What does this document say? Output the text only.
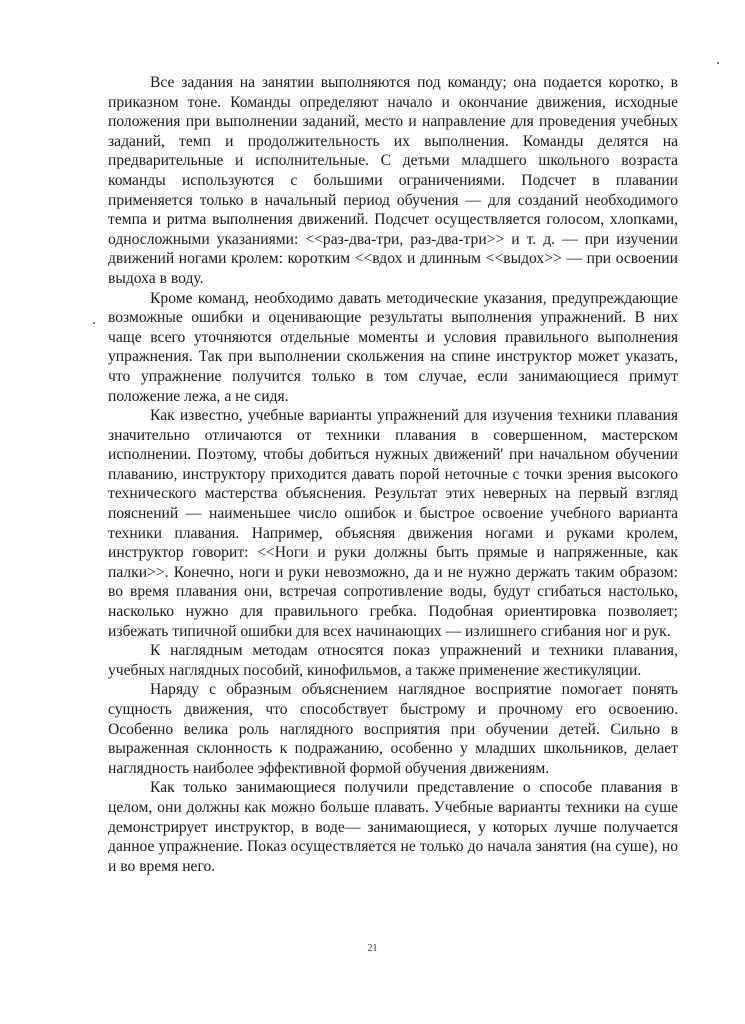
Все задания на занятии выполняются под команду; она подается коротко, в приказном тоне. Команды определяют начало и окончание движения, исходные положения при выполнении заданий, место и направление для проведения учебных заданий, темп и продолжительность их выполнения. Команды делятся на предварительные и исполнительные. С детьми младшего школьного возраста команды используются с большими ограничениями. Подсчет в плавании применяется только в начальный период обучения — для созданий необходимого темпа и ритма выполнения движений. Подсчет осуществляется голосом, хлопками, односложными указаниями: <<раз-два-три, раз-два-три>> и т. д. — при изучении движений ногами кролем: коротким <<вдох и длинным <<выдох>> — при освоении выдоха в воду.

Кроме команд, необходимо давать методические указания, предупреждающие возможные ошибки и оценивающие результаты выполнения упражнений. В них чаще всего уточняются отдельные моменты и условия правильного выполнения упражнения. Так при выполнении скольжения на спине инструктор может указать, что упражнение получится только в том случае, если занимающиеся примут положение лежа, а не сидя.

Как известно, учебные варианты упражнений для изучения техники плавания значительно отличаются от техники плавания в совершенном, мастерском исполнении. Поэтому, чтобы добиться нужных движений' при начальном обучении плаванию, инструктору приходится давать порой неточные с точки зрения высокого технического мастерства объяснения. Результат этих неверных на первый взгляд пояснений — наименьшее число ошибок и быстрое освоение учебного варианта техники плавания. Например, объясняя движения ногами и руками кролем, инструктор говорит: <<Ноги и руки должны быть прямые и напряженные, как палки>>. Конечно, ноги и руки невозможно, да и не нужно держать таким образом: во время плавания они, встречая сопротивление воды, будут сгибаться настолько, насколько нужно для правильного гребка. Подобная ориентировка позволяет; избежать типичной ошибки для всех начинающих — излишнего сгибания ног и рук.

К наглядным методам относятся показ упражнений и техники плавания, учебных наглядных пособий, кинофильмов, а также применение жестикуляции.

Наряду с образным объяснением наглядное восприятие помогает понять сущность движения, что способствует быстрому и прочному его освоению. Особенно велика роль наглядного восприятия при обучении детей. Сильно в выраженная склонность к подражанию, особенно у младших школьников, делает наглядность наиболее эффективной формой обучения движениям.

Как только занимающиеся получили представление о способе плавания в целом, они должны как можно больше плавать. Учебные варианты техники на суше демонстрирует инструктор, в воде— занимающиеся, у которых лучше получается данное упражнение. Показ осуществляется не только до начала занятия (на суше), но и во время него.

21
